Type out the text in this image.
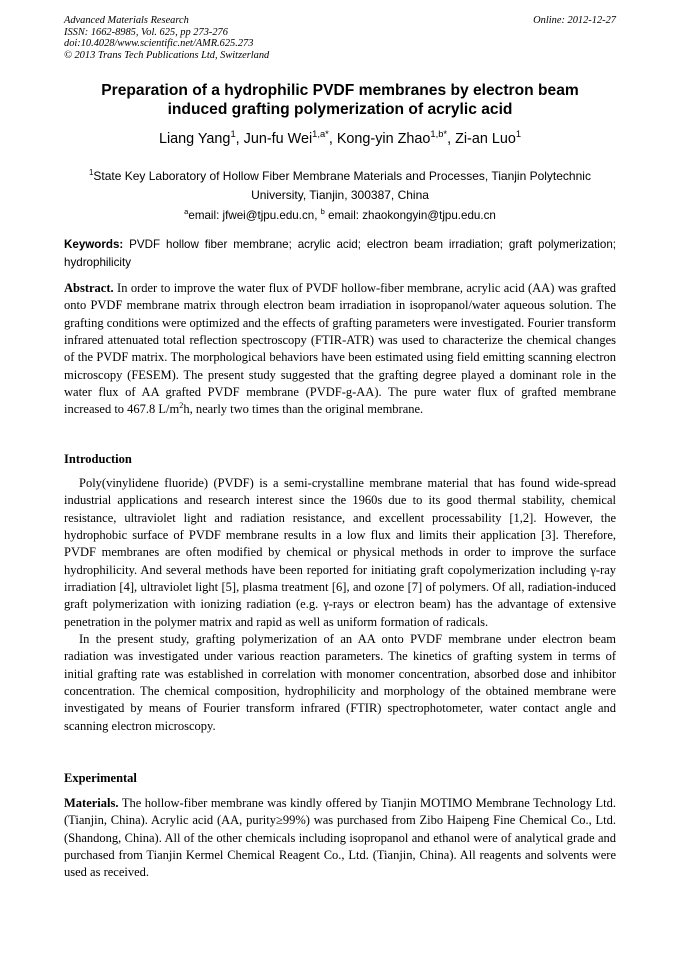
Advanced Materials Research
ISSN: 1662-8985, Vol. 625, pp 273-276
doi:10.4028/www.scientific.net/AMR.625.273
© 2013 Trans Tech Publications Ltd, Switzerland
Online: 2012-12-27
Preparation of a hydrophilic PVDF membranes by electron beam
induced grafting polymerization of acrylic acid
Liang Yang$^1$, Jun-fu Wei$^{1,a*}$, Kong-yin Zhao$^{1,b*}$, Zi-an Luo$^1$
$^1$State Key Laboratory of Hollow Fiber Membrane Materials and Processes, Tianjin Polytechnic
University, Tianjin, 300387, China
$^a$email: jfwei@tjpu.edu.cn, $^b$ email: zhaokongyin@tjpu.edu.cn
Keywords: PVDF hollow fiber membrane; acrylic acid; electron beam irradiation; graft polymerization; hydrophilicity
Abstract. In order to improve the water flux of PVDF hollow-fiber membrane, acrylic acid (AA) was grafted onto PVDF membrane matrix through electron beam irradiation in isopropanol/water aqueous solution. The grafting conditions were optimized and the effects of grafting parameters were investigated. Fourier transform infrared attenuated total reflection spectroscopy (FTIR-ATR) was used to characterize the chemical changes of the PVDF matrix. The morphological behaviors have been estimated using field emitting scanning electron microscopy (FESEM). The present study suggested that the grafting degree played a dominant role in the water flux of AA grafted PVDF membrane (PVDF-g-AA). The pure water flux of grafted membrane increased to 467.8 $L/m^2h$, nearly two times than the original membrane.
Introduction

Poly(vinylidene fluoride) (PVDF) is a semi-crystalline membrane material that has found wide-spread industrial applications and research interest since the 1960s due to its good thermal stability, chemical resistance, ultraviolet light and radiation resistance, and excellent processability [1,2]. However, the hydrophobic surface of PVDF membrane results in a low flux and limits their application [3]. Therefore, PVDF membranes are often modified by chemical or physical methods in order to improve the surface hydrophilicity. And several methods have been reported for initiating graft copolymerization including γ-ray irradiation [4], ultraviolet light [5], plasma treatment [6], and ozone [7] of polymers. Of all, radiation-induced graft polymerization with ionizing radiation (e.g. γ-rays or electron beam) has the advantage of extensive penetration in the polymer matrix and rapid as well as uniform formation of radicals.

In the present study, grafting polymerization of an AA onto PVDF membrane under electron beam radiation was investigated under various reaction parameters. The kinetics of grafting system in terms of initial grafting rate was established in correlation with monomer concentration, absorbed dose and inhibitor concentration. The chemical composition, hydrophilicity and morphology of the obtained membrane were investigated by means of Fourier transform infrared (FTIR) spectrophotometer, water contact angle and scanning electron microscopy.

Experimental
Materials. The hollow-fiber membrane was kindly offered by Tianjin MOTIMO Membrane Technology Ltd. (Tianjin, China). Acrylic acid (AA, purity≥99%) was purchased from Zibo Haipeng Fine Chemical Co., Ltd. (Shandong, China). All of the other chemicals including isopropanol and ethanol were of analytical grade and purchased from Tianjin Kermel Chemical Reagent Co., Ltd. (Tianjin, China). All reagents and solvents were used as received.
